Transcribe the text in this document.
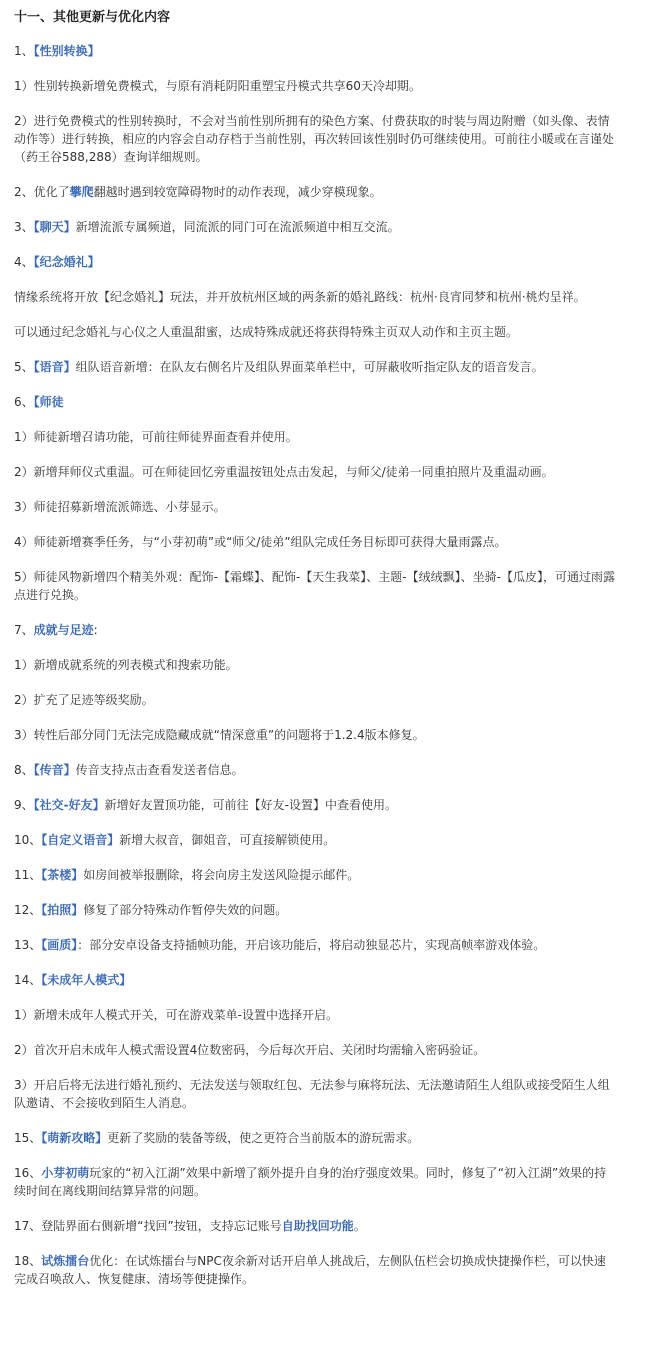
十一、其他更新与优化内容
1、【性别转换】
1）性别转换新增免费模式，与原有消耗阴阳重塑宝丹模式共享60天冷却期。
2）进行免费模式的性别转换时，不会对当前性别所拥有的染色方案、付费获取的时装与周边附赠（如头像、表情动作等）进行转换，相应的内容会自动存档于当前性别，再次转回该性别时仍可继续使用。可前往小暖或在言谨处（药王谷588,288）查询详细规则。
2、优化了攀爬翻越时遇到较宽障碍物时的动作表现，减少穿模现象。
3、【聊天】新增流派专属频道，同流派的同门可在流派频道中相互交流。
4、【纪念婚礼】
情缘系统将开放【纪念婚礼】玩法，并开放杭州区域的两条新的婚礼路线：杭州·良宵同梦和杭州·桃灼呈祥。
可以通过纪念婚礼与心仪之人重温甜蜜，达成特殊成就还将获得特殊主页双人动作和主页主题。
5、【语音】组队语音新增：在队友右侧名片及组队界面菜单栏中，可屏蔽收听指定队友的语音发言。
6、【师徒
1）师徒新增召请功能，可前往师徒界面查看并使用。
2）新增拜师仪式重温。可在师徒回忆旁重温按钮处点击发起，与师父/徒弟一同重拍照片及重温动画。
3）师徒招募新增流派筛选、小芽显示。
4）师徒新增赛季任务，与“小芽初萌”或“师父/徒弟”组队完成任务目标即可获得大量雨露点。
5）师徒风物新增四个精美外观：配饰-【霜蝶】、配饰-【天生我菜】、主题-【绒绒飘】、坐骑-【瓜皮】，可通过雨露点进行兑换。
7、成就与足迹:
1）新增成就系统的列表模式和搜索功能。
2）扩充了足迹等级奖励。
3）转性后部分同门无法完成隐藏成就“情深意重”的问题将于1.2.4版本修复。
8、【传音】传音支持点击查看发送者信息。
9、【社交-好友】新增好友置顶功能，可前往【好友-设置】中查看使用。
10、【自定义语音】新增大叔音，御姐音，可直接解锁使用。
11、【茶楼】如房间被举报删除，将会向房主发送风险提示邮件。
12、【拍照】修复了部分特殊动作暂停失效的问题。
13、【画质】：部分安卓设备支持插帧功能，开启该功能后，将启动独显芯片，实现高帧率游戏体验。
14、【未成年人模式】
1）新增未成年人模式开关，可在游戏菜单-设置中选择开启。
2）首次开启未成年人模式需设置4位数密码，今后每次开启、关闭时均需输入密码验证。
3）开启后将无法进行婚礼预约、无法发送与领取红包、无法参与麻将玩法、无法邀请陌生人组队或接受陌生人组队邀请、不会接收到陌生人消息。
15、【萌新攻略】更新了奖励的装备等级，使之更符合当前版本的游玩需求。
16、小芽初萌玩家的“初入江湖”效果中新增了额外提升自身的治疗强度效果。同时，修复了“初入江湖”效果的持续时间在离线期间结算异常的问题。
17、登陆界面右侧新增“找回”按钮，支持忘记账号自助找回功能。
18、试炼擂台优化：在试炼擂台与NPC夜余新对话开启单人挑战后，左侧队伍栏会切换成快捷操作栏，可以快速完成召唤敌人、恢复健康、清场等便捷操作。
